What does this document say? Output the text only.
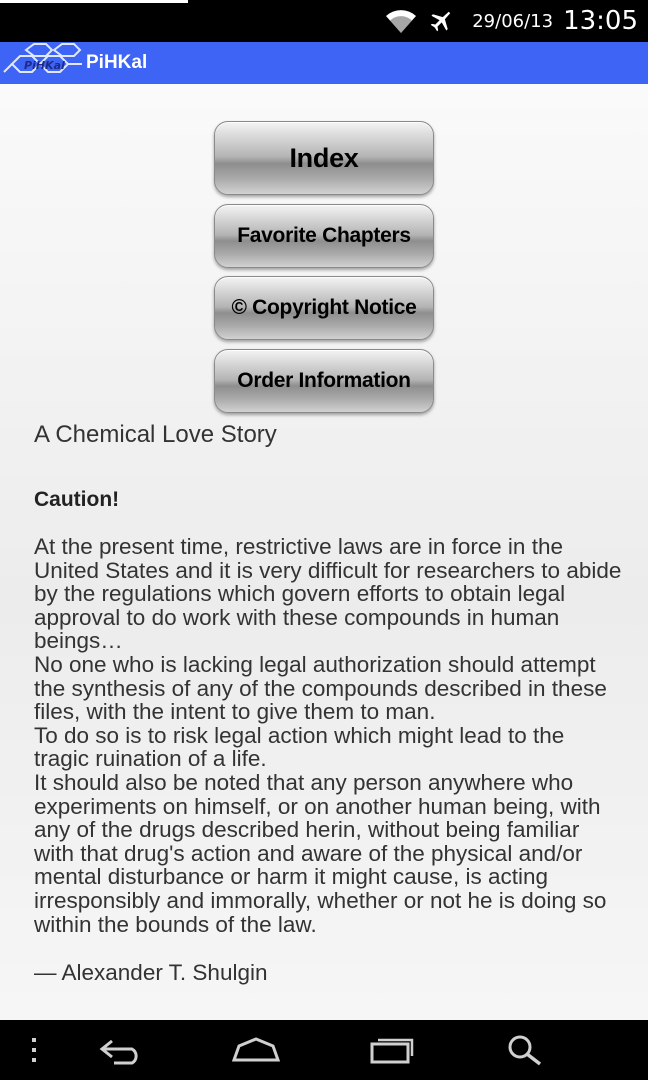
29/06/13 13:05
PiHKal PiHKal
Index
Favorite Chapters
© Copyright Notice
Order Information
A Chemical Love Story
Caution!

At the present time, restrictive laws are in force in the United States and it is very difficult for researchers to abide by the regulations which govern efforts to obtain legal approval to do work with these compounds in human beings…

No one who is lacking legal authorization should attempt the synthesis of any of the compounds described in these files, with the intent to give them to man.

To do so is to risk legal action which might lead to the tragic ruination of a life.

It should also be noted that any person anywhere who experiments on himself, or on another human being, with any of the drugs described herin, without being familiar with that drug's action and aware of the physical and/or mental disturbance or harm it might cause, is acting irresponsibly and immorally, whether or not he is doing so within the bounds of the law.

— Alexander T. Shulgin
